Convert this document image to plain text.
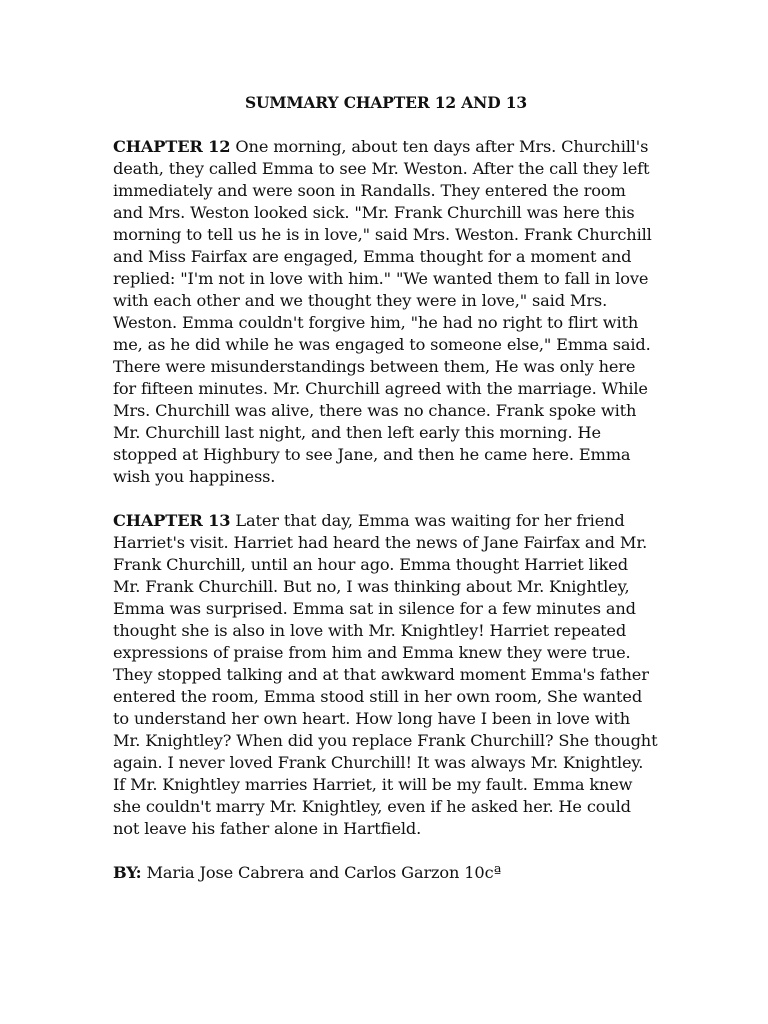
SUMMARY CHAPTER 12 AND 13

CHAPTER 12 One morning, about ten days after Mrs. Churchill's death, they called Emma to see Mr. Weston. After the call they left immediately and were soon in Randalls. They entered the room and Mrs. Weston looked sick. "Mr. Frank Churchill was here this morning to tell us he is in love," said Mrs. Weston. Frank Churchill and Miss Fairfax are engaged, Emma thought for a moment and replied: "I'm not in love with him." "We wanted them to fall in love with each other and we thought they were in love," said Mrs. Weston. Emma couldn't forgive him, "he had no right to flirt with me, as he did while he was engaged to someone else," Emma said. There were misunderstandings between them, He was only here for fifteen minutes. Mr. Churchill agreed with the marriage. While Mrs. Churchill was alive, there was no chance. Frank spoke with Mr. Churchill last night, and then left early this morning. He stopped at Highbury to see Jane, and then he came here. Emma wish you happiness.

CHAPTER 13 Later that day, Emma was waiting for her friend Harriet's visit. Harriet had heard the news of Jane Fairfax and Mr. Frank Churchill, until an hour ago. Emma thought Harriet liked Mr. Frank Churchill. But no, I was thinking about Mr. Knightley, Emma was surprised. Emma sat in silence for a few minutes and thought she is also in love with Mr. Knightley! Harriet repeated expressions of praise from him and Emma knew they were true. They stopped talking and at that awkward moment Emma's father entered the room, Emma stood still in her own room, She wanted to understand her own heart. How long have I been in love with Mr. Knightley? When did you replace Frank Churchill? She thought again. I never loved Frank Churchill! It was always Mr. Knightley. If Mr. Knightley marries Harriet, it will be my fault. Emma knew she couldn't marry Mr. Knightley, even if he asked her. He could not leave his father alone in Hartfield.

BY: Maria Jose Cabrera and Carlos Garzon 10cª
